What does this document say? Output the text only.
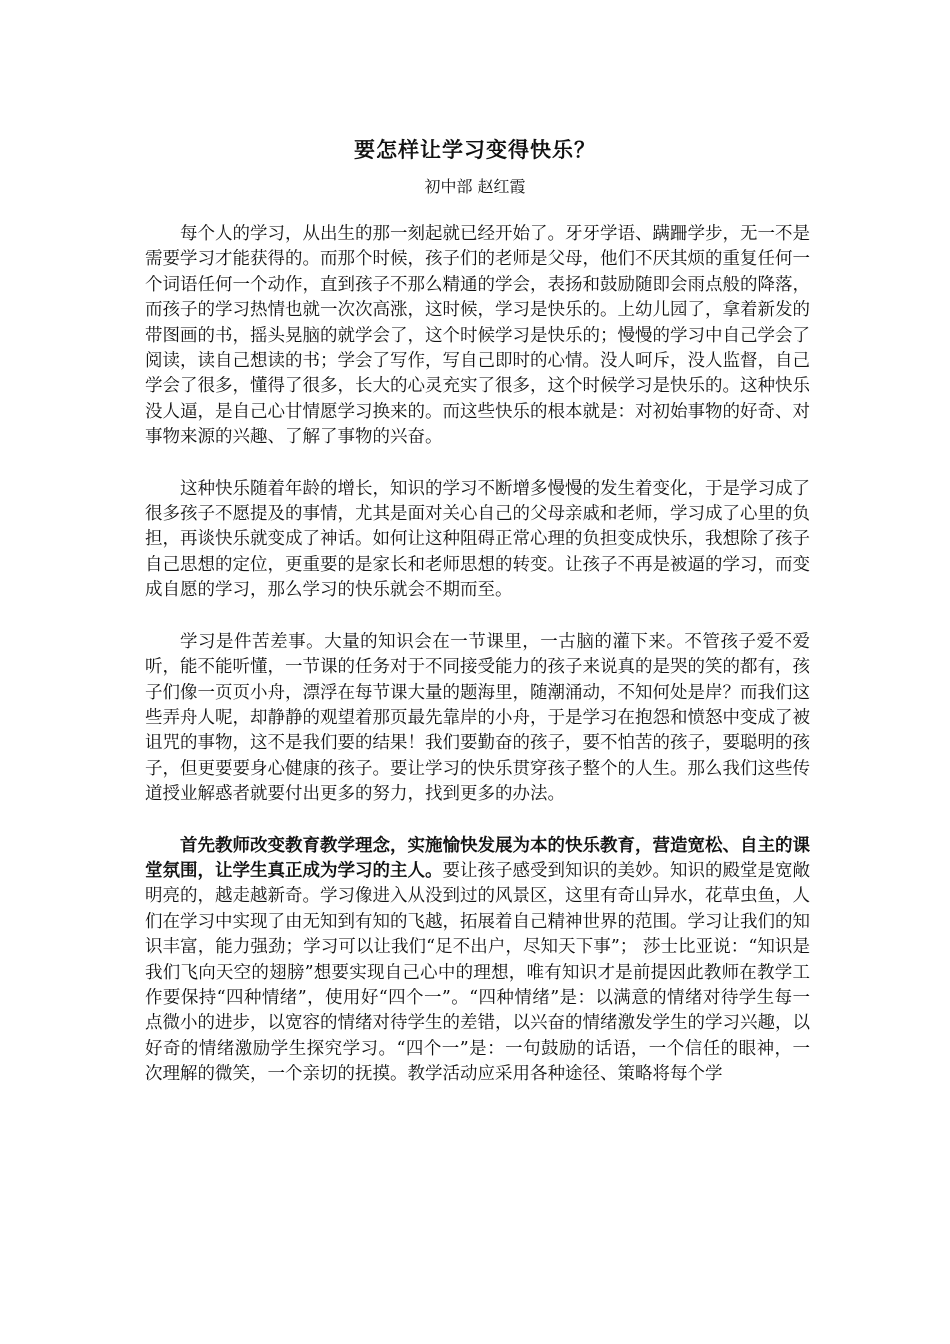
要怎样让学习变得快乐？
初中部 赵红霞

每个人的学习，从出生的那一刻起就已经开始了。牙牙学语、蹒跚学步，无一不是需要学习才能获得的。而那个时候，孩子们的老师是父母，他们不厌其烦的重复任何一个词语任何一个动作，直到孩子不那么精通的学会，表扬和鼓励随即会雨点般的降落，而孩子的学习热情也就一次次高涨，这时候，学习是快乐的。上幼儿园了，拿着新发的带图画的书，摇头晃脑的就学会了，这个时候学习是快乐的；慢慢的学习中自己学会了阅读，读自己想读的书；学会了写作，写自己即时的心情。没人呵斥，没人监督，自己学会了很多，懂得了很多，长大的心灵充实了很多，这个时候学习是快乐的。这种快乐没人逼，是自己心甘情愿学习换来的。而这些快乐的根本就是：对初始事物的好奇、对事物来源的兴趣、了解了事物的兴奋。

这种快乐随着年龄的增长，知识的学习不断增多慢慢的发生着变化，于是学习成了很多孩子不愿提及的事情，尤其是面对关心自己的父母亲戚和老师，学习成了心里的负担，再谈快乐就变成了神话。如何让这种阻碍正常心理的负担变成快乐，我想除了孩子自己思想的定位，更重要的是家长和老师思想的转变。让孩子不再是被逼的学习，而变成自愿的学习，那么学习的快乐就会不期而至。

学习是件苦差事。大量的知识会在一节课里，一古脑的灌下来。不管孩子爱不爱听，能不能听懂，一节课的任务对于不同接受能力的孩子来说真的是哭的笑的都有，孩子们像一页页小舟，漂浮在每节课大量的题海里，随潮涌动，不知何处是岸？而我们这些弄舟人呢，却静静的观望着那页最先靠岸的小舟，于是学习在抱怨和愤怒中变成了被诅咒的事物，这不是我们要的结果！我们要勤奋的孩子，要不怕苦的孩子，要聪明的孩子，但更要要身心健康的孩子。要让学习的快乐贯穿孩子整个的人生。那么我们这些传道授业解惑者就要付出更多的努力，找到更多的办法。

首先教师改变教育教学理念，实施愉快发展为本的快乐教育，营造宽松、自主的课堂氛围，让学生真正成为学习的主人。要让孩子感受到知识的美妙。知识的殿堂是宽敞明亮的，越走越新奇。学习像进入从没到过的风景区，这里有奇山异水，花草虫鱼，人们在学习中实现了由无知到有知的飞越，拓展着自己精神世界的范围。学习让我们的知识丰富，能力强劲；学习可以让我们“足不出户，尽知天下事”； 莎士比亚说：“知识是我们飞向天空的翅膀”想要实现自己心中的理想，唯有知识才是前提因此教师在教学工作要保持“四种情绪”，使用好“四个一”。“四种情绪”是：以满意的情绪对待学生每一点微小的进步，以宽容的情绪对待学生的差错，以兴奋的情绪激发学生的学习兴趣，以好奇的情绪激励学生探究学习。“四个一”是：一句鼓励的话语，一个信任的眼神，一次理解的微笑，一个亲切的抚摸。教学活动应采用各种途径、策略将每个学
